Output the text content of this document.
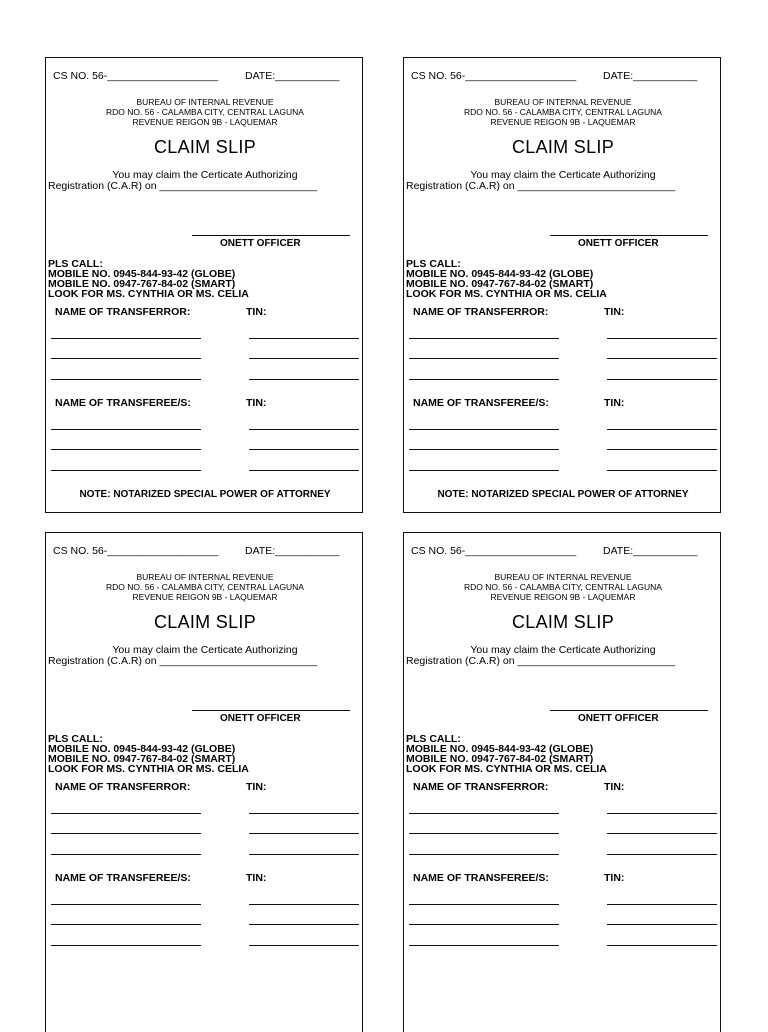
CS NO. 56-___________________	DATE:___________
BUREAU OF INTERNAL REVENUE
RDO NO. 56 - CALAMBA CITY, CENTRAL LAGUNA
REVENUE REIGON 9B - LAQUEMAR
CLAIM SLIP
You may claim the Certicate Authorizing
Registration (C.A.R) on ___________________________
ONETT OFFICER
PLS CALL:
MOBILE NO. 0945-844-93-42 (GLOBE)
MOBILE NO. 0947-767-84-02 (SMART)
LOOK FOR MS. CYNTHIA OR MS. CELIA
NAME OF TRANSFERROR:	TIN:
NAME OF TRANSFEREE/S:	TIN:
NOTE: NOTARIZED SPECIAL POWER OF ATTORNEY
CS NO. 56-___________________	DATE:___________
BUREAU OF INTERNAL REVENUE
RDO NO. 56 - CALAMBA CITY, CENTRAL LAGUNA
REVENUE REIGON 9B - LAQUEMAR
CLAIM SLIP
You may claim the Certicate Authorizing
Registration (C.A.R) on ___________________________
ONETT OFFICER
PLS CALL:
MOBILE NO. 0945-844-93-42 (GLOBE)
MOBILE NO. 0947-767-84-02 (SMART)
LOOK FOR MS. CYNTHIA OR MS. CELIA
NAME OF TRANSFERROR:	TIN:
NAME OF TRANSFEREE/S:	TIN:
NOTE: NOTARIZED SPECIAL POWER OF ATTORNEY
CS NO. 56-___________________	DATE:___________
BUREAU OF INTERNAL REVENUE
RDO NO. 56 - CALAMBA CITY, CENTRAL LAGUNA
REVENUE REIGON 9B - LAQUEMAR
CLAIM SLIP
You may claim the Certicate Authorizing
Registration (C.A.R) on ___________________________
ONETT OFFICER
PLS CALL:
MOBILE NO. 0945-844-93-42 (GLOBE)
MOBILE NO. 0947-767-84-02 (SMART)
LOOK FOR MS. CYNTHIA OR MS. CELIA
NAME OF TRANSFERROR:	TIN:
NAME OF TRANSFEREE/S:	TIN:
CS NO. 56-___________________	DATE:___________
BUREAU OF INTERNAL REVENUE
RDO NO. 56 - CALAMBA CITY, CENTRAL LAGUNA
REVENUE REIGON 9B - LAQUEMAR
CLAIM SLIP
You may claim the Certicate Authorizing
Registration (C.A.R) on ___________________________
ONETT OFFICER
PLS CALL:
MOBILE NO. 0945-844-93-42 (GLOBE)
MOBILE NO. 0947-767-84-02 (SMART)
LOOK FOR MS. CYNTHIA OR MS. CELIA
NAME OF TRANSFERROR:	TIN:
NAME OF TRANSFEREE/S:	TIN:
